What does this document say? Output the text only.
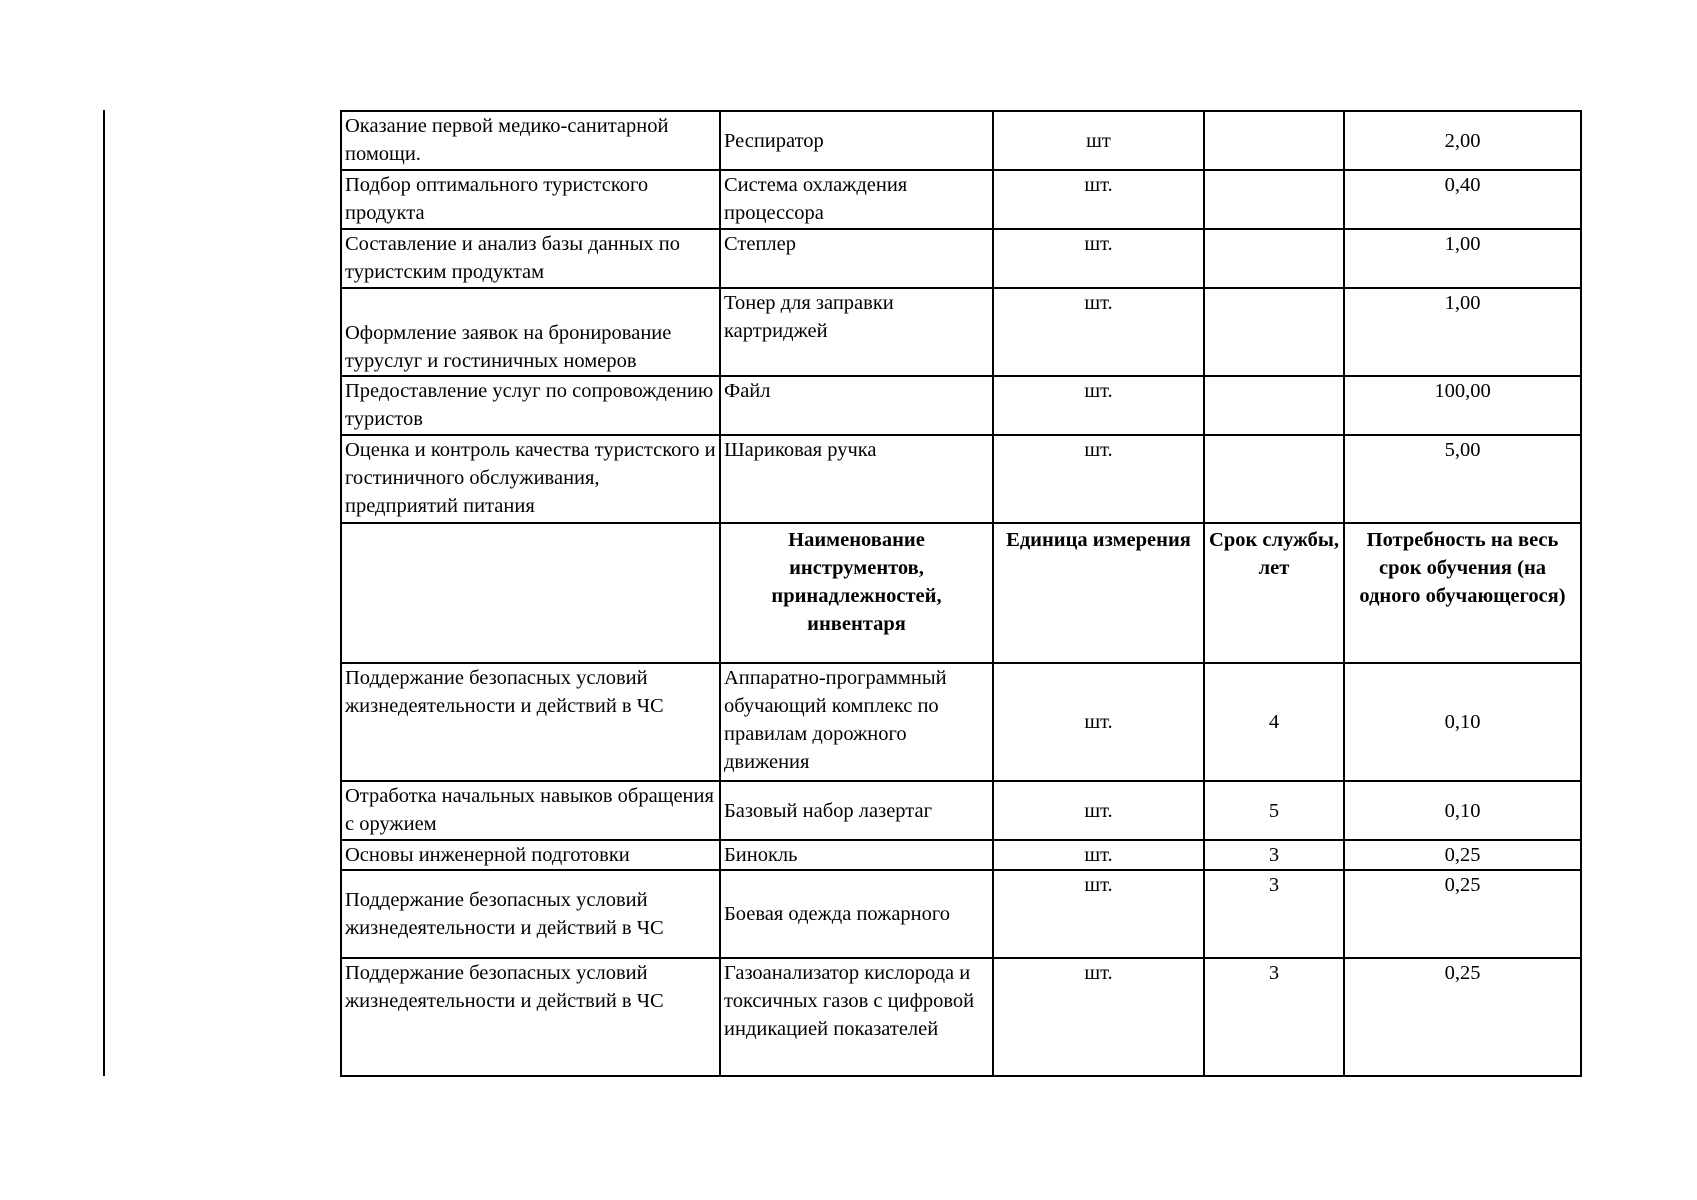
Оказание первой медико-санитарной помощи.	Респиратор	шт		2,00
Подбор оптимального туристского продукта	Система охлаждения процессора	шт.		0,40
Составление и анализ базы данных по туристским продуктам	Степлер	шт.		1,00
Оформление заявок на бронирование туруслуг и гостиничных номеров	Тонер для заправки картриджей	шт.		1,00
Предоставление услуг по сопровождению туристов	Файл	шт.		100,00
Оценка и контроль качества туристского и гостиничного обслуживания, предприятий питания	Шариковая ручка	шт.		5,00
	Наименование инструментов, принадлежностей, инвентаря	Единица измерения	Срок службы, лет	Потребность на весь срок обучения (на одного обучающегося)
Поддержание безопасных условий жизнедеятельности и действий в ЧС	Аппаратно-программный обучающий комплекс по правилам дорожного движения	шт.	4	0,10
Отработка начальных навыков обращения с оружием	Базовый набор лазертаг	шт.	5	0,10
Основы инженерной подготовки	Бинокль	шт.	3	0,25
Поддержание безопасных условий жизнедеятельности и действий в ЧС	Боевая одежда пожарного	шт.	3	0,25
Поддержание безопасных условий жизнедеятельности и действий в ЧС	Газоанализатор кислорода и токсичных газов с цифровой индикацией показателей	шт.	3	0,25
